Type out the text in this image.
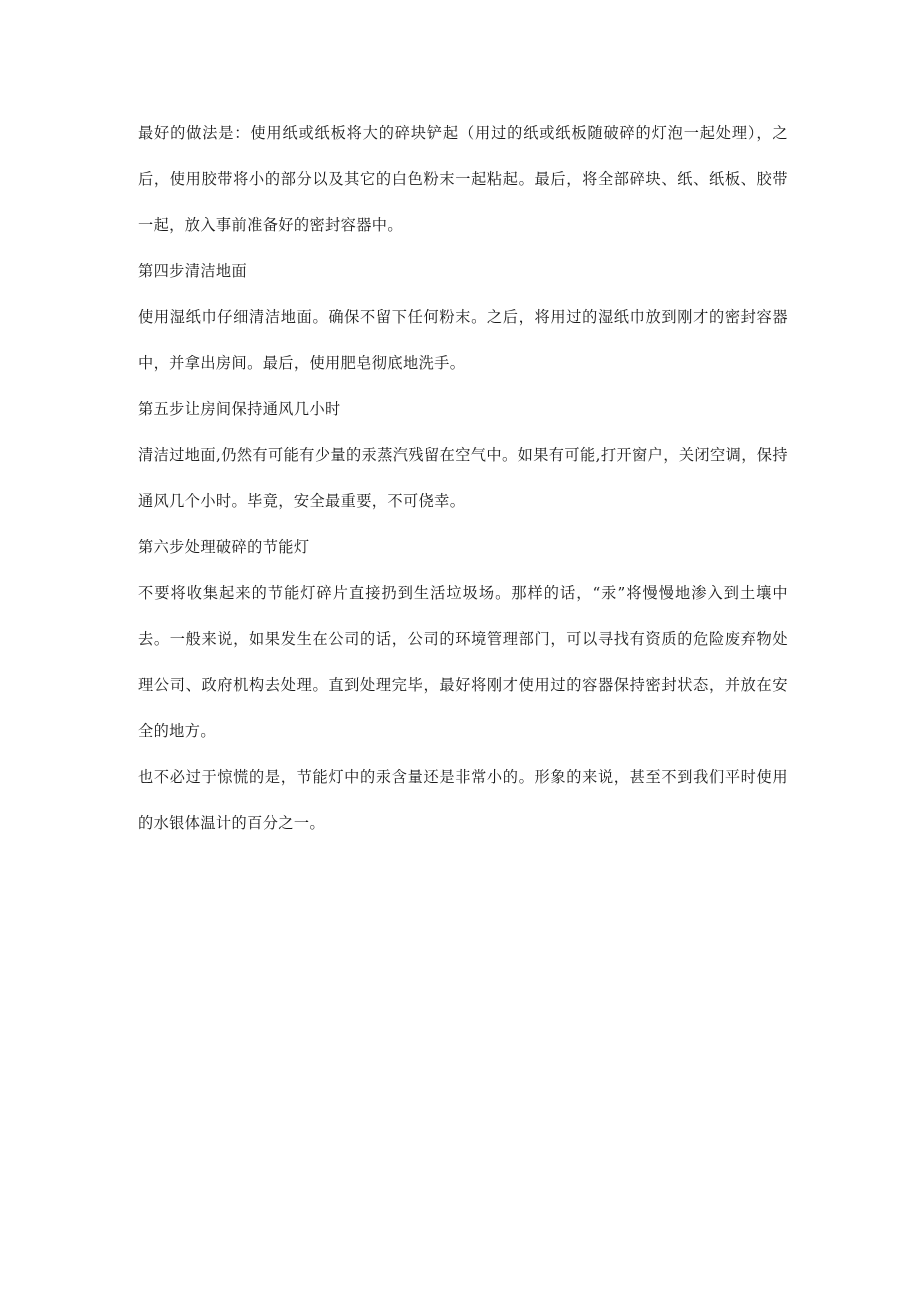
最好的做法是：使用纸或纸板将大的碎块铲起（用过的纸或纸板随破碎的灯泡一起处理），之后，使用胶带将小的部分以及其它的白色粉末一起粘起。最后，将全部碎块、纸、纸板、胶带一起，放入事前准备好的密封容器中。

第四步清洁地面

使用湿纸巾仔细清洁地面。确保不留下任何粉末。之后，将用过的湿纸巾放到刚才的密封容器中，并拿出房间。最后，使用肥皂彻底地洗手。

第五步让房间保持通风几小时

清洁过地面,仍然有可能有少量的汞蒸汽残留在空气中。如果有可能,打开窗户，关闭空调，保持通风几个小时。毕竟，安全最重要，不可侥幸。

第六步处理破碎的节能灯

不要将收集起来的节能灯碎片直接扔到生活垃圾场。那样的话，“汞”将慢慢地渗入到土壤中去。一般来说，如果发生在公司的话，公司的环境管理部门，可以寻找有资质的危险废弃物处理公司、政府机构去处理。直到处理完毕，最好将刚才使用过的容器保持密封状态，并放在安全的地方。

也不必过于惊慌的是，节能灯中的汞含量还是非常小的。形象的来说，甚至不到我们平时使用的水银体温计的百分之一。
